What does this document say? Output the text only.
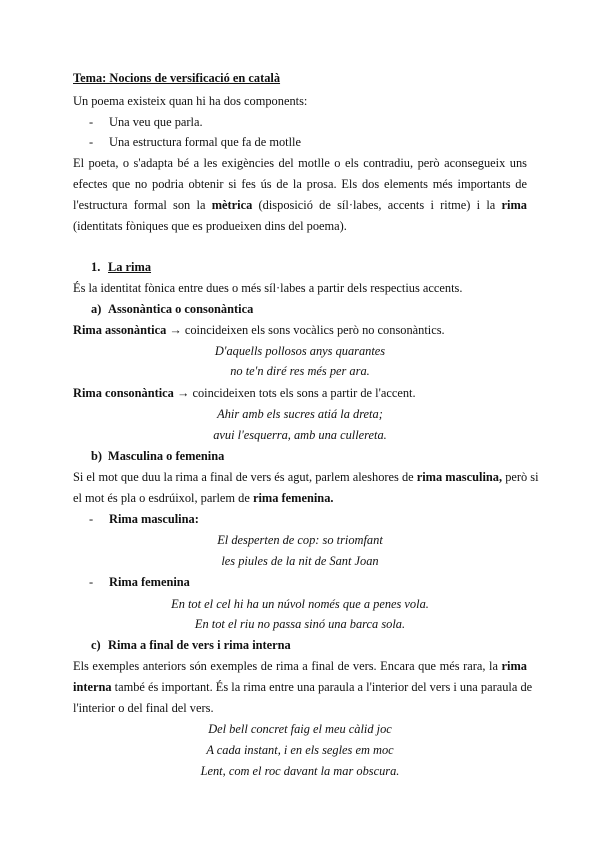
Tema: Nocions de versificació en català
Un poema existeix quan hi ha dos components:
- Una veu que parla.
- Una estructura formal que fa de motlle
El poeta, o s'adapta bé a les exigències del motlle o els contradiu, però aconsegueix uns
efectes que no podria obtenir si fes ús de la prosa. Els dos elements més importants de
l'estructura formal son la mètrica (disposició de síl·labes, accents i ritme) i la rima
(identitats fòniques que es produeixen dins del poema).
1. La rima
És la identitat fònica entre dues o més síl·labes a partir dels respectius accents.
a) Assonàntica o consonàntica
Rima assonàntica → coincideixen els sons vocàlics però no consonàntics.
D'aquells pollosos anys quarantes
no te'n diré res més per ara.
Rima consonàntica → coincideixen tots els sons a partir de l'accent.
Ahir amb els sucres atiá la dreta;
avui l'esquerra, amb una cullereta.
b) Masculina o femenina
Si el mot que duu la rima a final de vers és agut, parlem aleshores de rima masculina, però si
el mot és pla o esdrúixol, parlem de rima femenina.
- Rima masculina:
El desperten de cop: so triomfant
les piules de la nit de Sant Joan
- Rima femenina
En tot el cel hi ha un núvol només que a penes vola.
En tot el riu no passa sinó una barca sola.
c) Rima a final de vers i rima interna
Els exemples anteriors són exemples de rima a final de vers. Encara que més rara, la rima
interna també és important. És la rima entre una paraula a l'interior del vers i una paraula de
l'interior o del final del vers.
Del bell concret faig el meu càlid joc
A cada instant, i en els segles em moc
Lent, com el roc davant la mar obscura.
